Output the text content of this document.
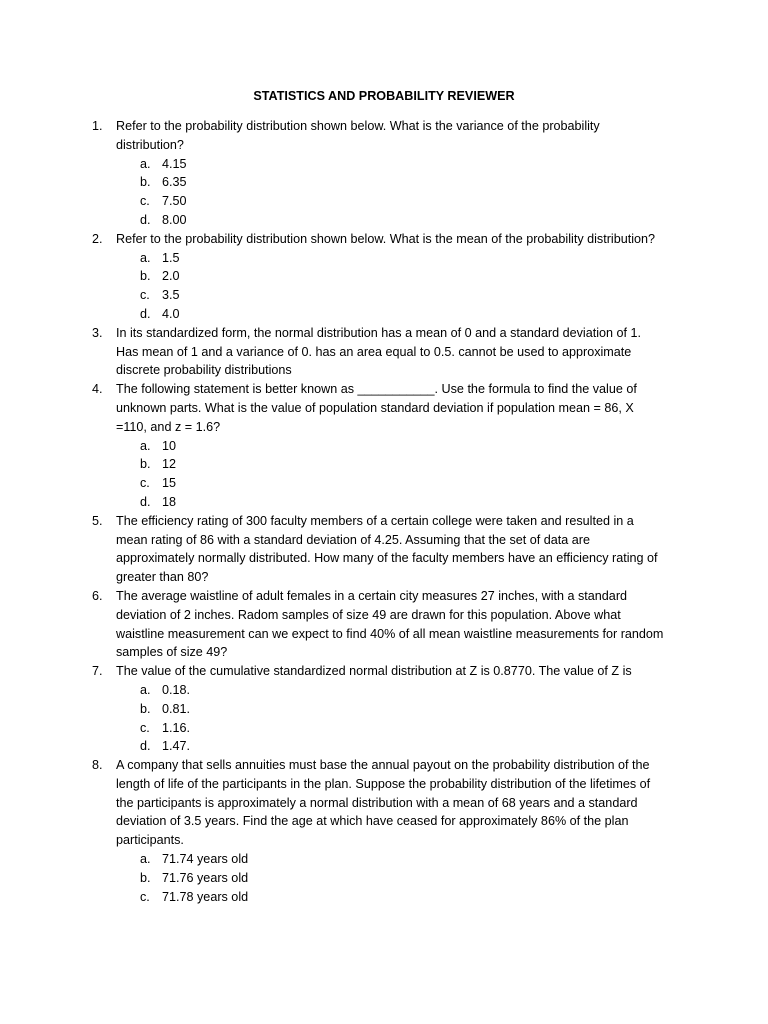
STATISTICS AND PROBABILITY REVIEWER
1. Refer to the probability distribution shown below. What is the variance of the probability distribution?
a. 4.15
b. 6.35
c. 7.50
d. 8.00
2. Refer to the probability distribution shown below. What is the mean of the probability distribution?
a. 1.5
b. 2.0
c. 3.5
d. 4.0
3. In its standardized form, the normal distribution has a mean of 0 and a standard deviation of 1. Has mean of 1 and a variance of 0. has an area equal to 0.5. cannot be used to approximate discrete probability distributions
4. The following statement is better known as ___________. Use the formula to find the value of unknown parts. What is the value of population standard deviation if population mean = 86, X =110, and z = 1.6?
a. 10
b. 12
c. 15
d. 18
5. The efficiency rating of 300 faculty members of a certain college were taken and resulted in a mean rating of 86 with a standard deviation of 4.25. Assuming that the set of data are approximately normally distributed. How many of the faculty members have an efficiency rating of greater than 80?
6. The average waistline of adult females in a certain city measures 27 inches, with a standard deviation of 2 inches. Radom samples of size 49 are drawn for this population. Above what waistline measurement can we expect to find 40% of all mean waistline measurements for random samples of size 49?
7. The value of the cumulative standardized normal distribution at Z is 0.8770. The value of Z is
a. 0.18.
b. 0.81.
c. 1.16.
d. 1.47.
8. A company that sells annuities must base the annual payout on the probability distribution of the length of life of the participants in the plan. Suppose the probability distribution of the lifetimes of the participants is approximately a normal distribution with a mean of 68 years and a standard deviation of 3.5 years. Find the age at which have ceased for approximately 86% of the plan participants.
a. 71.74 years old
b. 71.76 years old
c. 71.78 years old
